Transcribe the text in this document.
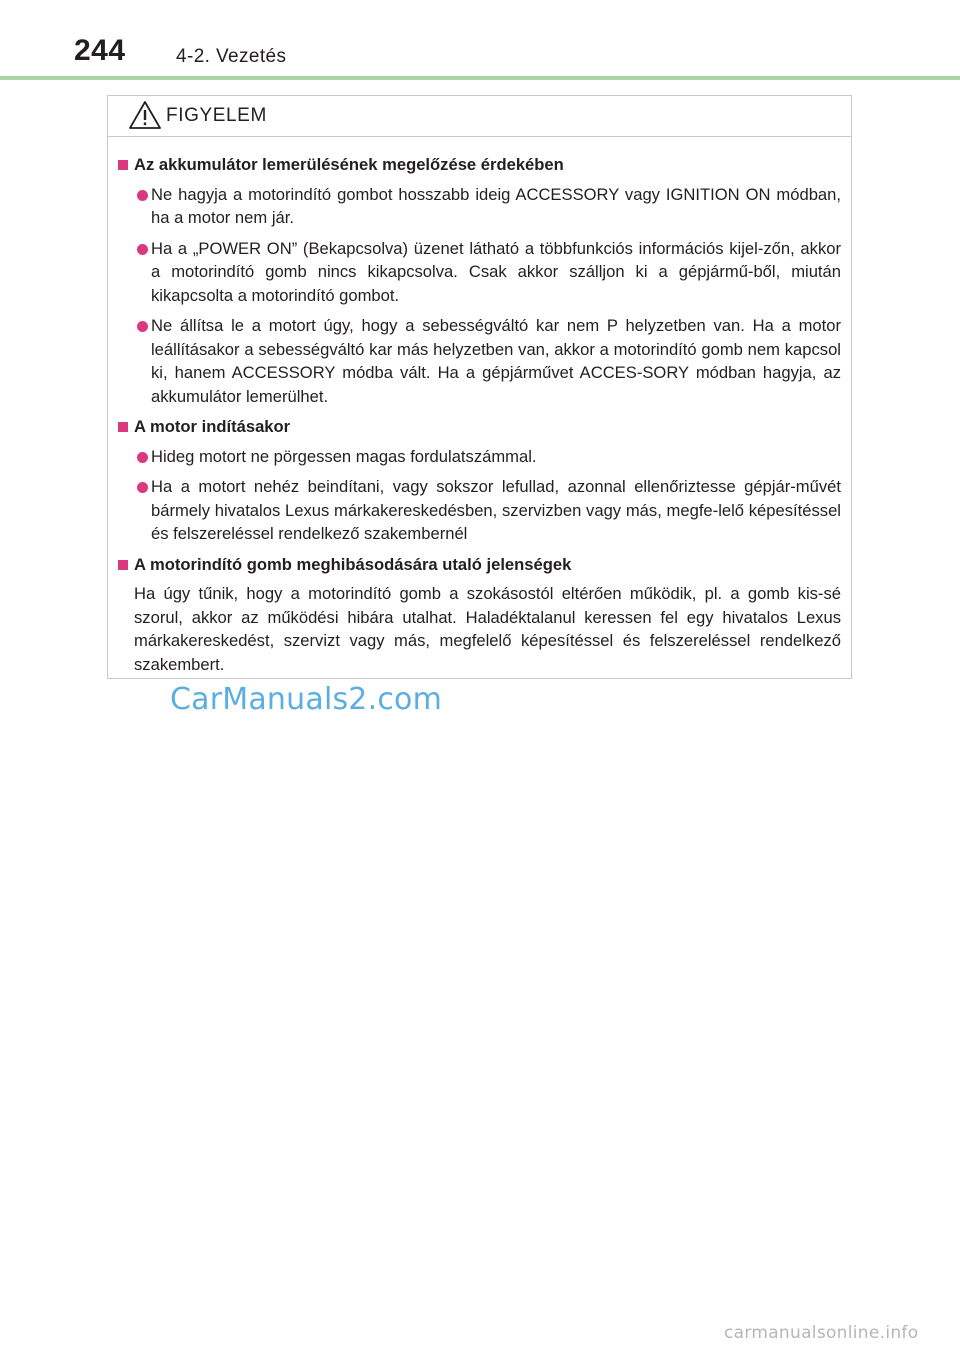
244	4-2. Vezetés
FIGYELEM
Az akkumulátor lemerülésének megelőzése érdekében
Ne hagyja a motorindító gombot hosszabb ideig ACCESSORY vagy IGNITION ON módban, ha a motor nem jár.
Ha a „POWER ON” (Bekapcsolva) üzenet látható a többfunkciós információs kijel-zőn, akkor a motorindító gomb nincs kikapcsolva. Csak akkor szálljon ki a gépjármű-ből, miután kikapcsolta a motorindító gombot.
Ne állítsa le a motort úgy, hogy a sebességváltó kar nem P helyzetben van. Ha a motor leállításakor a sebességváltó kar más helyzetben van, akkor a motorindító gomb nem kapcsol ki, hanem ACCESSORY módba vált. Ha a gépjárművet ACCES-SORY módban hagyja, az akkumulátor lemerülhet.
A motor indításakor
Hideg motort ne pörgessen magas fordulatszámmal.
Ha a motort nehéz beindítani, vagy sokszor lefullad, azonnal ellenőriztesse gépjár-művét bármely hivatalos Lexus márkakereskedésben, szervizben vagy más, megfe-lelő képesítéssel és felszereléssel rendelkező szakembernél
A motorindító gomb meghibásodására utaló jelenségek
Ha úgy tűnik, hogy a motorindító gomb a szokásostól eltérően működik, pl. a gomb kis-sé szorul, akkor az működési hibára utalhat. Haladéktalanul keressen fel egy hivatalos Lexus márkakereskedést, szervizt vagy más, megfelelő képesítéssel és felszereléssel rendelkező szakembert.
CarManuals2.com
carmanualsonline.info
